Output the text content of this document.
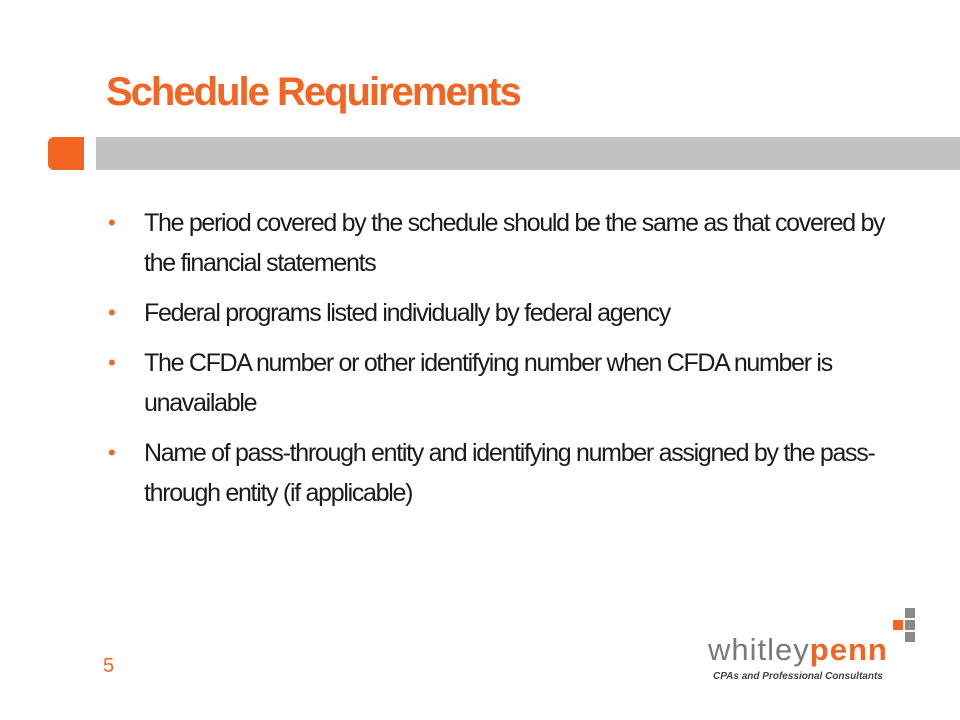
Schedule Requirements
• The period covered by the schedule should be the same as that covered by the financial statements
• Federal programs listed individually by federal agency
• The CFDA number or other identifying number when CFDA number is unavailable
• Name of pass-through entity and identifying number assigned by the pass-through entity (if applicable)
5	whitleypenn
CPAs and Professional Consultants
